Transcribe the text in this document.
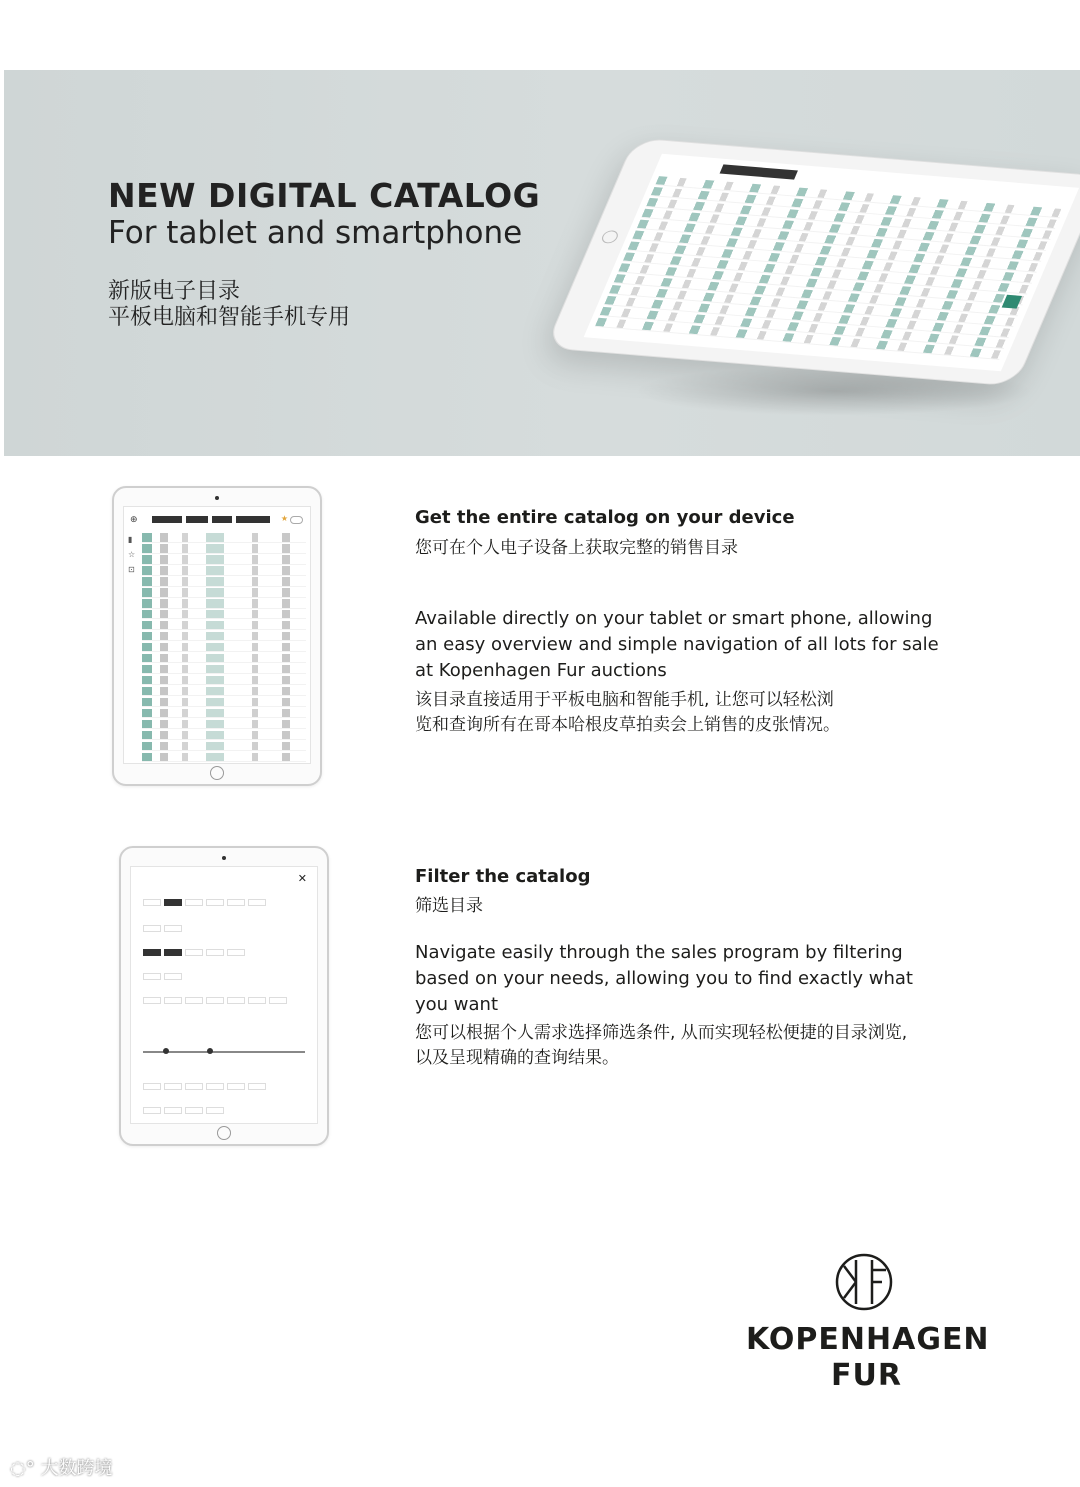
NEW DIGITAL CATALOG
For tablet and smartphone

新版电子目录

平板电脑和智能手机专用

⊕	★
▮
☆
⊡
Get the entire catalog on your device

您可在个人电子设备上获取完整的销售目录

Available directly on your tablet or smart phone, allowing

an easy overview and simple navigation of all lots for sale

at Kopenhagen Fur auctions

该目录直接适用于平板电脑和智能手机, 让您可以轻松浏

览和查询所有在哥本哈根皮草拍卖会上销售的皮张情况。

✕	Filter the catalog

筛选目录

Navigate easily through the sales program by filtering

based on your needs, allowing you to find exactly what

you want

您可以根据个人需求选择筛选条件, 从而实现轻松便捷的目录浏览,

以及呈现精确的查询结果。

KOPENHAGEN

FUR

◌° 大数跨境
